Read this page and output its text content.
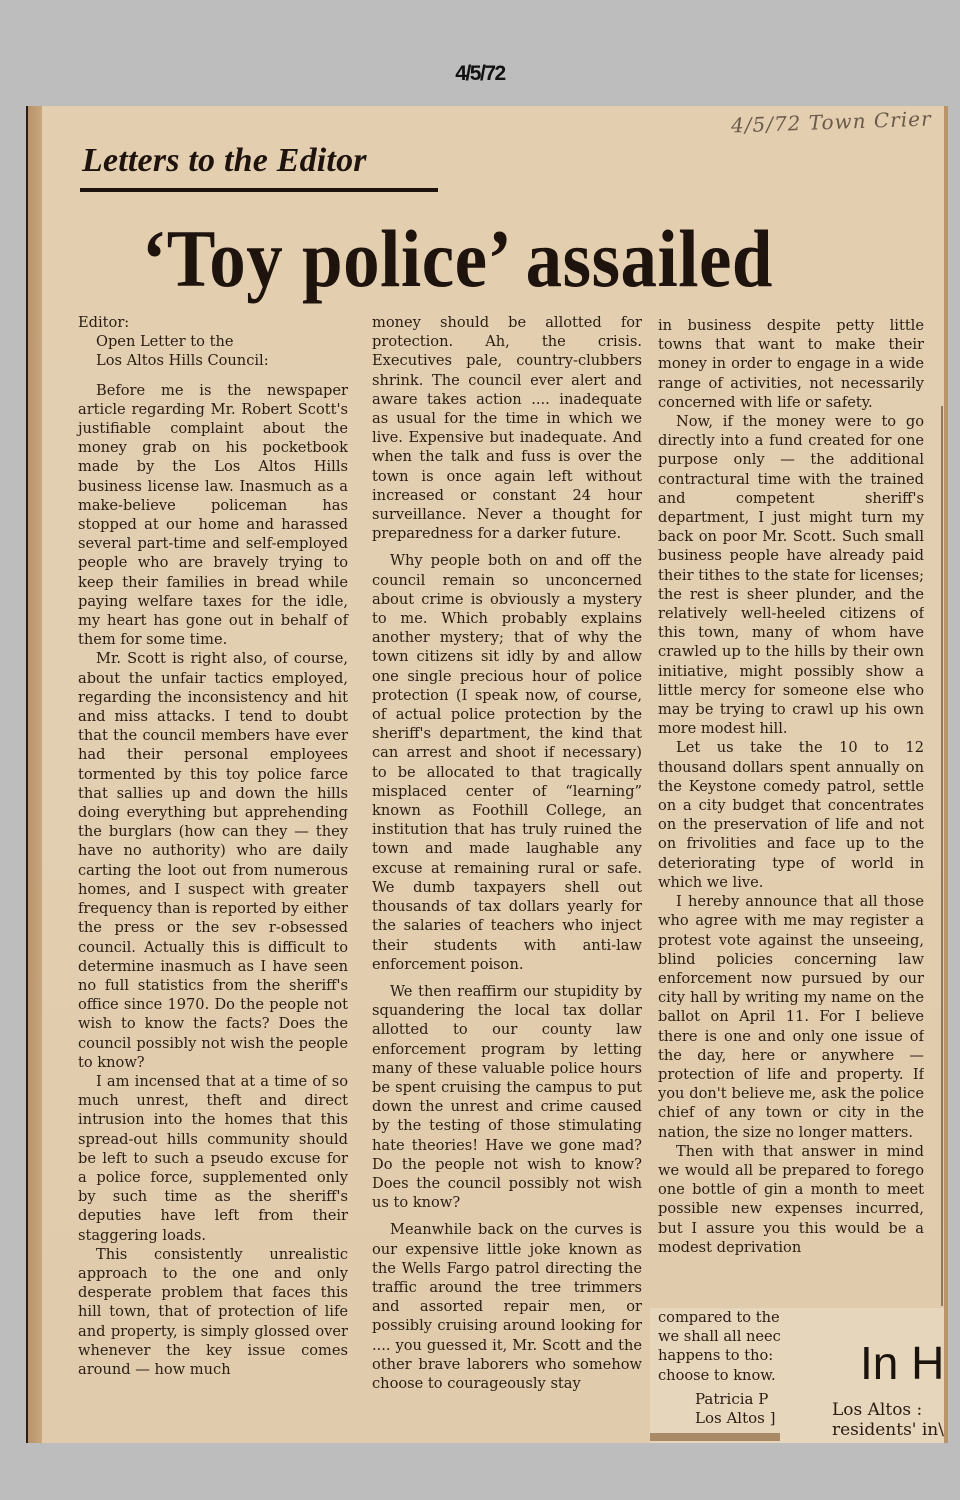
4/5/72
4/5/72 Town Crier
Letters to the Editor
‘Toy police’ assailed

Editor:

Open Letter to the

Los Altos Hills Council:

Before me is the newspaper article regarding Mr. Robert Scott's justifiable complaint about the money grab on his pocketbook made by the Los Altos Hills business license law. Inasmuch as a make-believe policeman has stopped at our home and harassed several part-time and self-employed people who are bravely trying to keep their families in bread while paying welfare taxes for the idle, my heart has gone out in behalf of them for some time.

Mr. Scott is right also, of course, about the unfair tactics employed, regarding the inconsistency and hit and miss attacks. I tend to doubt that the council members have ever had their personal employees tormented by this toy police farce that sallies up and down the hills doing everything but apprehending the burglars (how can they — they have no authority) who are daily carting the loot out from numerous homes, and I suspect with greater frequency than is reported by either the press or the sev r-obsessed council. Actually this is difficult to determine inasmuch as I have seen no full statistics from the sheriff's office since 1970. Do the people not wish to know the facts? Does the council possibly not wish the people to know?

I am incensed that at a time of so much unrest, theft and direct intrusion into the homes that this spread-out hills community should be left to such a pseudo excuse for a police force, supplemented only by such time as the sheriff's deputies have left from their staggering loads.

This consistently unrealistic approach to the one and only desperate problem that faces this hill town, that of protection of life and property, is simply glossed over whenever the key issue comes around — how much

money should be allotted for protection. Ah, the crisis. Executives pale, country-clubbers shrink. The council ever alert and aware takes action .... inadequate as usual for the time in which we live. Expensive but inadequate. And when the talk and fuss is over the town is once again left without increased or constant 24 hour surveillance. Never a thought for preparedness for a darker future.

Why people both on and off the council remain so unconcerned about crime is obviously a mystery to me. Which probably explains another mystery; that of why the town citizens sit idly by and allow one single precious hour of police protection (I speak now, of course, of actual police protection by the sheriff's department, the kind that can arrest and shoot if necessary) to be allocated to that tragically misplaced center of “learning” known as Foothill College, an institution that has truly ruined the town and made laughable any excuse at remaining rural or safe. We dumb taxpayers shell out thousands of tax dollars yearly for the salaries of teachers who inject their students with anti-law enforcement poison.

We then reaffirm our stupidity by squandering the local tax dollar allotted to our county law enforcement program by letting many of these valuable police hours be spent cruising the campus to put down the unrest and crime caused by the testing of those stimulating hate theories! Have we gone mad? Do the people not wish to know? Does the council possibly not wish us to know?

Meanwhile back on the curves is our expensive little joke known as the Wells Fargo patrol directing the traffic around the tree trimmers and assorted repair men, or possibly cruising around looking for .... you guessed it, Mr. Scott and the other brave laborers who somehow choose to courageously stay

in business despite petty little towns that want to make their money in order to engage in a wide range of activities, not necessarily concerned with life or safety.

Now, if the money were to go directly into a fund created for one purpose only — the additional contractural time with the trained and competent sheriff's department, I just might turn my back on poor Mr. Scott. Such small business people have already paid their tithes to the state for licenses; the rest is sheer plunder, and the relatively well-heeled citizens of this town, many of whom have crawled up to the hills by their own initiative, might possibly show a little mercy for someone else who may be trying to crawl up his own more modest hill.

Let us take the 10 to 12 thousand dollars spent annually on the Keystone comedy patrol, settle on a city budget that concentrates on the preservation of life and not on frivolities and face up to the deteriorating type of world in which we live.

I hereby announce that all those who agree with me may register a protest vote against the unseeing, blind policies concerning law enforcement now pursued by our city hall by writing my name on the ballot on April 11. For I believe there is one and only one issue of the day, here or anywhere — protection of life and property. If you don't believe me, ask the police chief of any town or city in the nation, the size no longer matters.

Then with that answer in mind we would all be prepared to forego one bottle of gin a month to meet possible new expenses incurred, but I assure you this would be a modest deprivation

In H
Los Altos :
residents' in\
compared to the
we shall all neec
happens to tho:
choose to know.
Patricia P
Los Altos ]
